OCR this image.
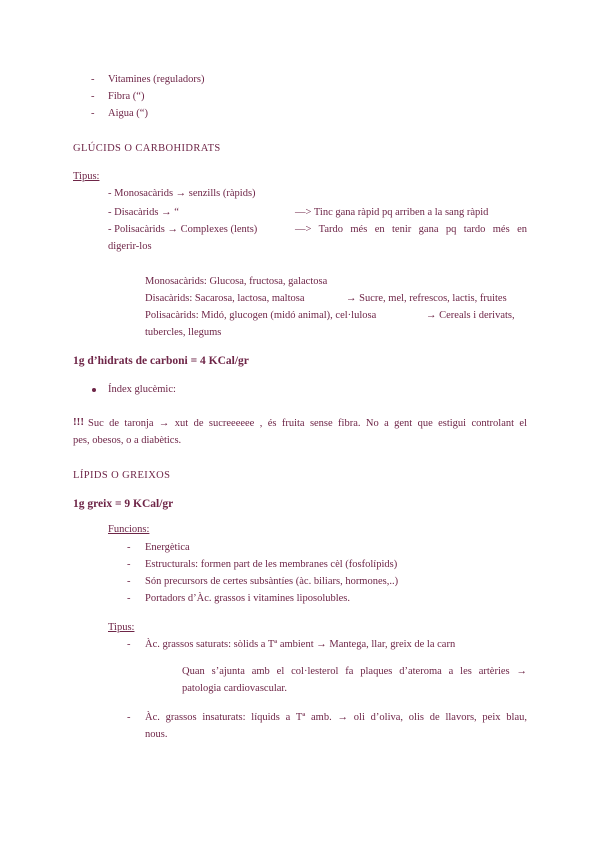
- Vitamines (reguladors)
- Fibra (“)
- Aigua (“)
GLÚCIDS O CARBOHIDRATS
Tipus:
- Monosacàrids → senzills (ràpids)
- Disacàrids → “	—> Tinc gana ràpid pq arriben a la sang ràpid
- Polisacàrids → Complexes (lents)	—> Tardo més en tenir gana pq tardo més en
digerir-los
Monosacàrids: Glucosa, fructosa, galactosa
Disacàrids: Sacarosa, lactosa, maltosa	→ Sucre, mel, refrescos, lactis, fruites
Polisacàrids: Midó, glucogen (midó animal), cel·lulosa	→ Cereals i derivats,
tubercles, llegums
1g d’hidrats de carboni = 4 KCal/gr
Índex glucèmic:
!!! Suc de taronja → xut de sucreeeeee , és fruita sense fibra. No a gent que estigui controlant el
pes, obesos, o a diabètics.
LÍPIDS O GREIXOS
1g greix = 9 KCal/gr
Funcions:
- Energètica
- Estructurals: formen part de les membranes cèl (fosfolípids)
- Són precursors de certes subsàntíes (àc. biliars, hormones,..)
- Portadors d’Àc. grassos i vitamines liposolubles.
Tipus:
- Àc. grassos saturats: sòlids a Tª ambient → Mantega, llar, greix de la carn
Quan s’ajunta amb el col·lesterol fa plaques d’ateroma a les artèries →
patologia cardiovascular.
- Àc. grassos insaturats: líquids a Tª amb. → oli d’oliva, olis de llavors, peix blau,
nous.
